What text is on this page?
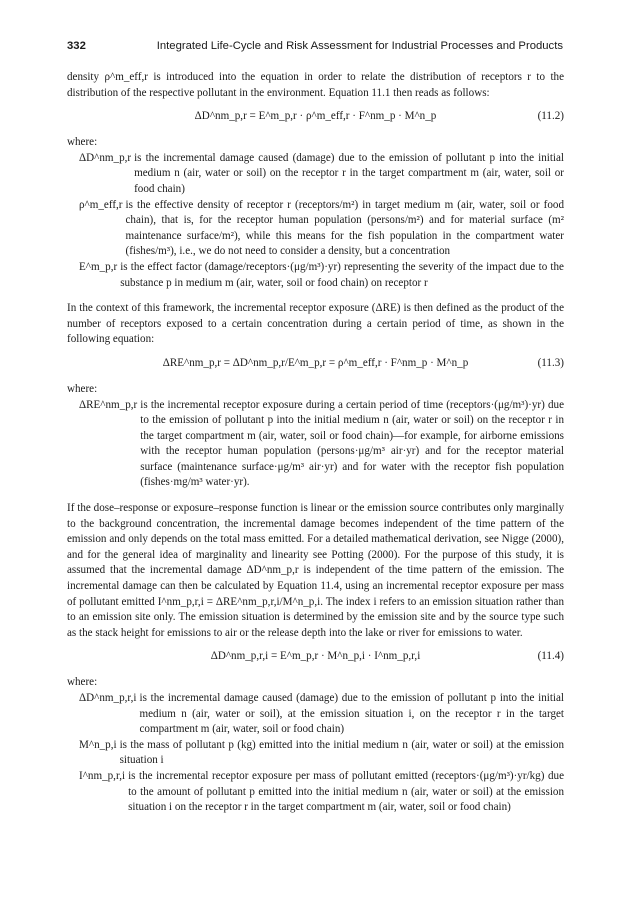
332	Integrated Life-Cycle and Risk Assessment for Industrial Processes and Products

density ρ^m_eff,r is introduced into the equation in order to relate the distribution of receptors r to the distribution of the respective pollutant in the environment. Equation 11.1 then reads as follows:

ΔD^nm_p,r = E^m_p,r · ρ^m_eff,r · F^nm_p · M^n_p	(11.2)

where:

ΔD^nm_p,r is the incremental damage caused (damage) due to the emission of pollutant p into the initial medium n (air, water or soil) on the receptor r in the target compartment m (air, water, soil or food chain)
ρ^m_eff,r is the effective density of receptor r (receptors/m²) in target medium m (air, water, soil or food chain), that is, for the receptor human population (persons/m²) and for material surface (m² maintenance surface/m²), while this means for the fish population in the compartment water (fishes/m³), i.e., we do not need to consider a density, but a concentration
E^m_p,r is the effect factor (damage/receptors·(μg/m³)·yr) representing the severity of the impact due to the substance p in medium m (air, water, soil or food chain) on receptor r

In the context of this framework, the incremental receptor exposure (ΔRE) is then defined as the product of the number of receptors exposed to a certain concentration during a certain period of time, as shown in the following equation:

ΔRE^nm_p,r = ΔD^nm_p,r/E^m_p,r = ρ^m_eff,r · F^nm_p · M^n_p	(11.3)

where:

ΔRE^nm_p,r is the incremental receptor exposure during a certain period of time (receptors·(μg/m³)·yr) due to the emission of pollutant p into the initial medium n (air, water or soil) on the receptor r in the target compartment m (air, water, soil or food chain)—for example, for airborne emissions with the receptor human population (persons·μg/m³ air·yr) and for the receptor material surface (maintenance surface·μg/m³ air·yr) and for water with the receptor fish population (fishes·mg/m³ water·yr).

If the dose–response or exposure–response function is linear or the emission source contributes only marginally to the background concentration, the incremental damage becomes independent of the time pattern of the emission and only depends on the total mass emitted. For a detailed mathematical derivation, see Nigge (2000), and for the general idea of marginality and linearity see Potting (2000). For the purpose of this study, it is assumed that the incremental damage ΔD^nm_p,r is independent of the time pattern of the emission. The incremental damage can then be calculated by Equation 11.4, using an incremental receptor exposure per mass of pollutant emitted I^nm_p,r,i = ΔRE^nm_p,r,i/M^n_p,i. The index i refers to an emission situation rather than to an emission site only. The emission situation is determined by the emission site and by the source type such as the stack height for emissions to air or the release depth into the lake or river for emissions to water.

ΔD^nm_p,r,i = E^m_p,r · M^n_p,i · I^nm_p,r,i	(11.4)

where:

ΔD^nm_p,r,i is the incremental damage caused (damage) due to the emission of pollutant p into the initial medium n (air, water or soil), at the emission situation i, on the receptor r in the target compartment m (air, water, soil or food chain)
M^n_p,i is the mass of pollutant p (kg) emitted into the initial medium n (air, water or soil) at the emission situation i
I^nm_p,r,i is the incremental receptor exposure per mass of pollutant emitted (receptors·(μg/m³)·yr/kg) due to the amount of pollutant p emitted into the initial medium n (air, water or soil) at the emission situation i on the receptor r in the target compartment m (air, water, soil or food chain)
